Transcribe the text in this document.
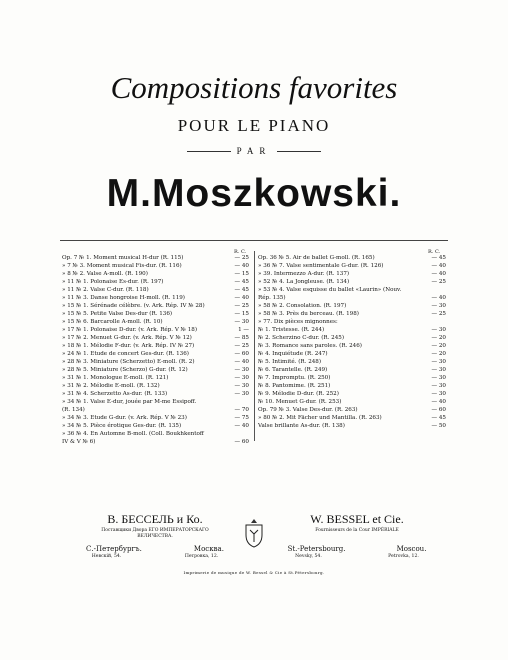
Compositions favorites
POUR LE PIANO
PAR
M.Moszkowski.
R. C.	R. C.
Op. 7 № 1. Moment musical H-dur (R. 115)	— 25
» 7 № 3. Moment musical Fis-dur. (R. 116)	— 40
» 8 № 2. Valse A-moll. (R. 190)	— 15
» 11 № 1. Polonaise Es-dur. (R. 197)	— 45
» 11 № 2. Valse C-dur. (R. 118)	— 45
» 11 № 3. Danse hongroise H-moll. (R. 119)	— 40
» 15 № 1. Sérénade célèbre. (v. Ark. Rép. IV № 28)	— 25
» 15 № 5. Petite Valse Des-dur (R. 136)	— 15
» 15 № 6. Barcarolle A-moll. (R. 10)	— 30
» 17 № 1. Polonaise D-dur. (v. Ark. Rép. V № 18)	1 —
» 17 № 2. Menuet G-dur. (v. Ark. Rép. V № 12)	— 85
» 18 № 1. Mélodie F-dur. (v. Ark. Rép. IV № 27)	— 25
» 24 № 1. Etude de concert Ges-dur. (R. 136)	— 60
» 28 № 3. Miniature (Scherzetto) E-moll. (R. 2)	— 40
» 28 № 5. Miniature (Scherzo) G-dur. (R. 12)	— 30
» 31 № 1. Monologue E-moll. (R. 121)	— 30
» 31 № 2. Mélodie E-moll. (R. 132)	— 30
» 31 № 4. Scherzetto As-dur. (R. 133)	— 30
» 34 № 1. Valse E-dur, jouée par M-me Essipoff.
(R. 134)	— 70
» 34 № 3. Etude G-dur. (v. Ark. Rép. V № 23)	— 75
» 34 № 5. Pièce érotique Ges-dur. (R. 135)	— 40
» 36 № 4. En Automne B-moll. (Coll. Boukhkentoff
IV & V № 6)	— 60
Op. 36 № 5. Air de ballet G-moll. (R. 165)	— 45
» 36 № 7. Valse sentimentale G-dur. (R. 126)	— 40
» 39. Intermezzo A-dur. (R. 137)	— 40
» 52 № 4. La Jongleuse. (R. 134)	— 25
» 53 № 4. Valse esquisse du ballet «Laurin» (Nouv.
Rép. 135)	— 40
» 58 № 2. Consolation. (R. 197)	— 30
» 58 № 3. Près du berceau. (R. 198)	— 25
» 77. Dix pièces mignonnes:
№ 1. Tristesse. (R. 244)	— 30
№ 2. Scherzino C-dur. (R. 245)	— 20
№ 3. Romance sans paroles. (R. 246)	— 20
№ 4. Inquiétude (R. 247)	— 20
№ 5. Intimité. (R. 248)	— 30
№ 6. Tarantelle. (R. 249)	— 30
№ 7. Impromptu. (R. 250)	— 30
№ 8. Pantomime. (R. 251)	— 30
№ 9. Mélodie D-dur. (R. 252)	— 30
№ 10. Menuet G-dur. (R. 253)	— 40
Op. 79 № 3. Valse Des-dur. (R. 263)	— 60
» 80 № 2. Mit Fächer und Mantilla. (R. 263)	— 45
Valse brillante As-dur. (R. 138)	— 50
В. БЕССЕЛЬ и Ко.
Поставщики Двора ЕГО ИМПЕРАТОРСКАГО
ВЕЛИЧЕСТВА.
С.-Петербургъ.	Москва.
Невскій, 54.	Петровка, 12.
W. BESSEL et Cie.
Fournisseurs de la Cour IMPÉRIALE

St.-Petersbourg.	Moscou.
Nevsky, 54.	Petrovka, 12.
Imprimerie de musique de W. Bessel & Cie à St.Pétersbourg.
